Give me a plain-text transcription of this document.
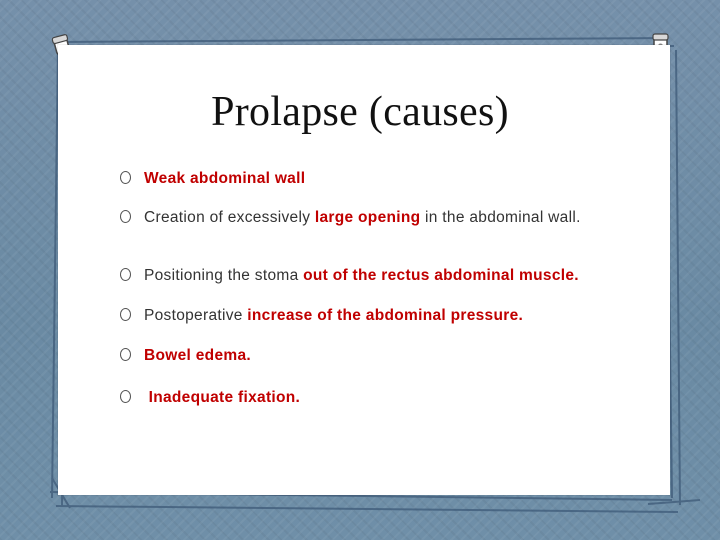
Prolapse (causes)
Weak abdominal wall
Creation of excessively large opening in the abdominal wall.
Positioning the stoma out of the rectus abdominal muscle.
Postoperative increase of the abdominal pressure.
Bowel edema.
Inadequate fixation.
